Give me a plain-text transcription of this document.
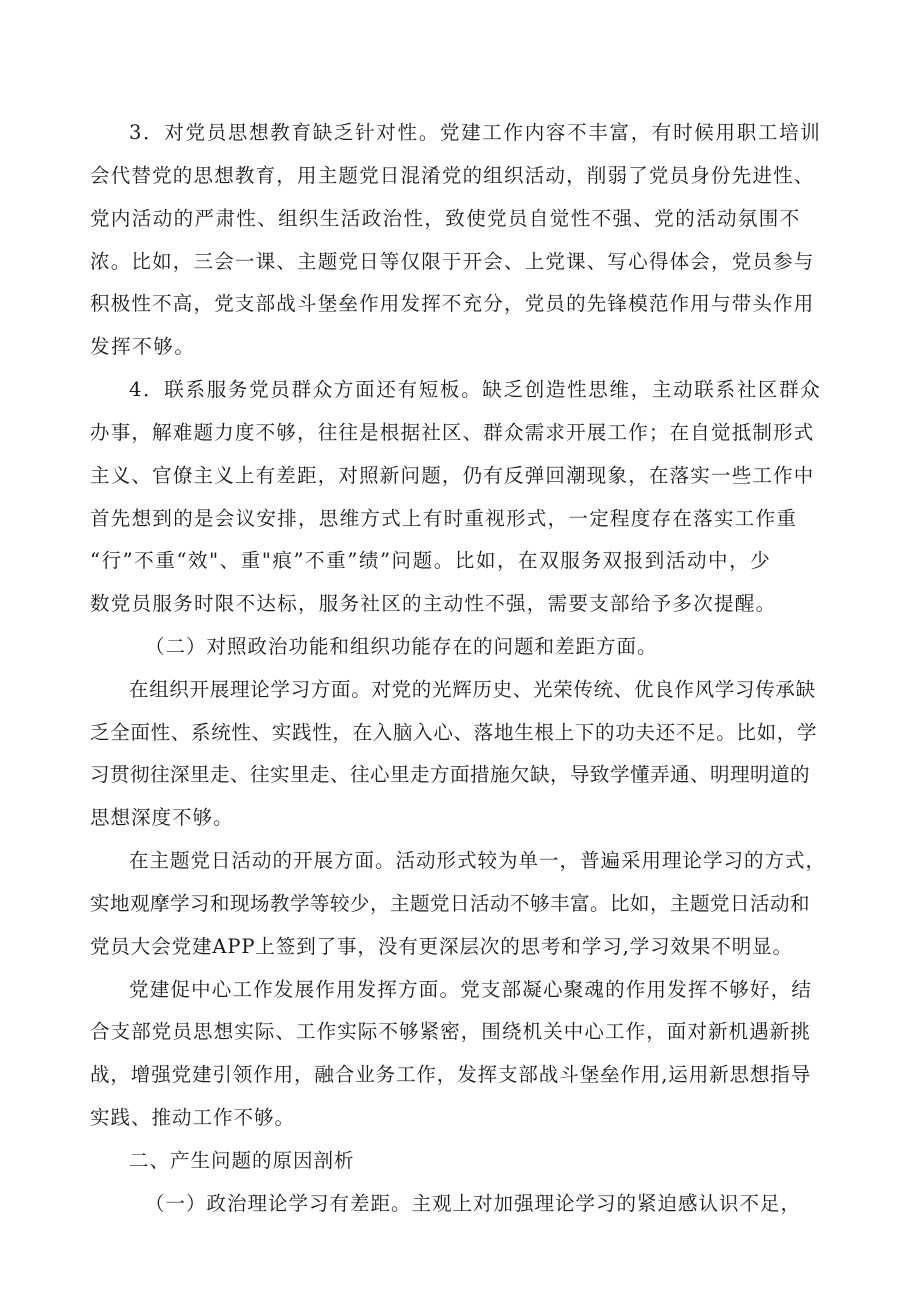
3．对党员思想教育缺乏针对性。党建工作内容不丰富，有时候用职工培训
会代替党的思想教育，用主题党日混淆党的组织活动，削弱了党员身份先进性、
党内活动的严肃性、组织生活政治性，致使党员自觉性不强、党的活动氛围不
浓。比如，三会一课、主题党日等仅限于开会、上党课、写心得体会，党员参与
积极性不高，党支部战斗堡垒作用发挥不充分，党员的先锋模范作用与带头作用
发挥不够。
4．联系服务党员群众方面还有短板。缺乏创造性思维，主动联系社区群众
办事，解难题力度不够，往往是根据社区、群众需求开展工作；在自觉抵制形式
主义、官僚主义上有差距，对照新问题，仍有反弹回潮现象，在落实一些工作中
首先想到的是会议安排，思维方式上有时重视形式，一定程度存在落实工作重
“行”不重“效"、重"痕”不重”绩”问题。比如，在双服务双报到活动中，少
数党员服务时限不达标，服务社区的主动性不强，需要支部给予多次提醒。
（二）对照政治功能和组织功能存在的问题和差距方面。
在组织开展理论学习方面。对党的光辉历史、光荣传统、优良作风学习传承缺
乏全面性、系统性、实践性，在入脑入心、落地生根上下的功夫还不足。比如，学
习贯彻往深里走、往实里走、往心里走方面措施欠缺，导致学懂弄通、明理明道的
思想深度不够。
在主题党日活动的开展方面。活动形式较为单一，普遍采用理论学习的方式，
实地观摩学习和现场教学等较少，主题党日活动不够丰富。比如，主题党日活动和
党员大会党建APP上签到了事，没有更深层次的思考和学习,学习效果不明显。
党建促中心工作发展作用发挥方面。党支部凝心聚魂的作用发挥不够好，结
合支部党员思想实际、工作实际不够紧密，围绕机关中心工作，面对新机遇新挑
战，增强党建引领作用，融合业务工作，发挥支部战斗堡垒作用,运用新思想指导
实践、推动工作不够。
二、产生问题的原因剖析
（一）政治理论学习有差距。主观上对加强理论学习的紧迫感认识不足，
